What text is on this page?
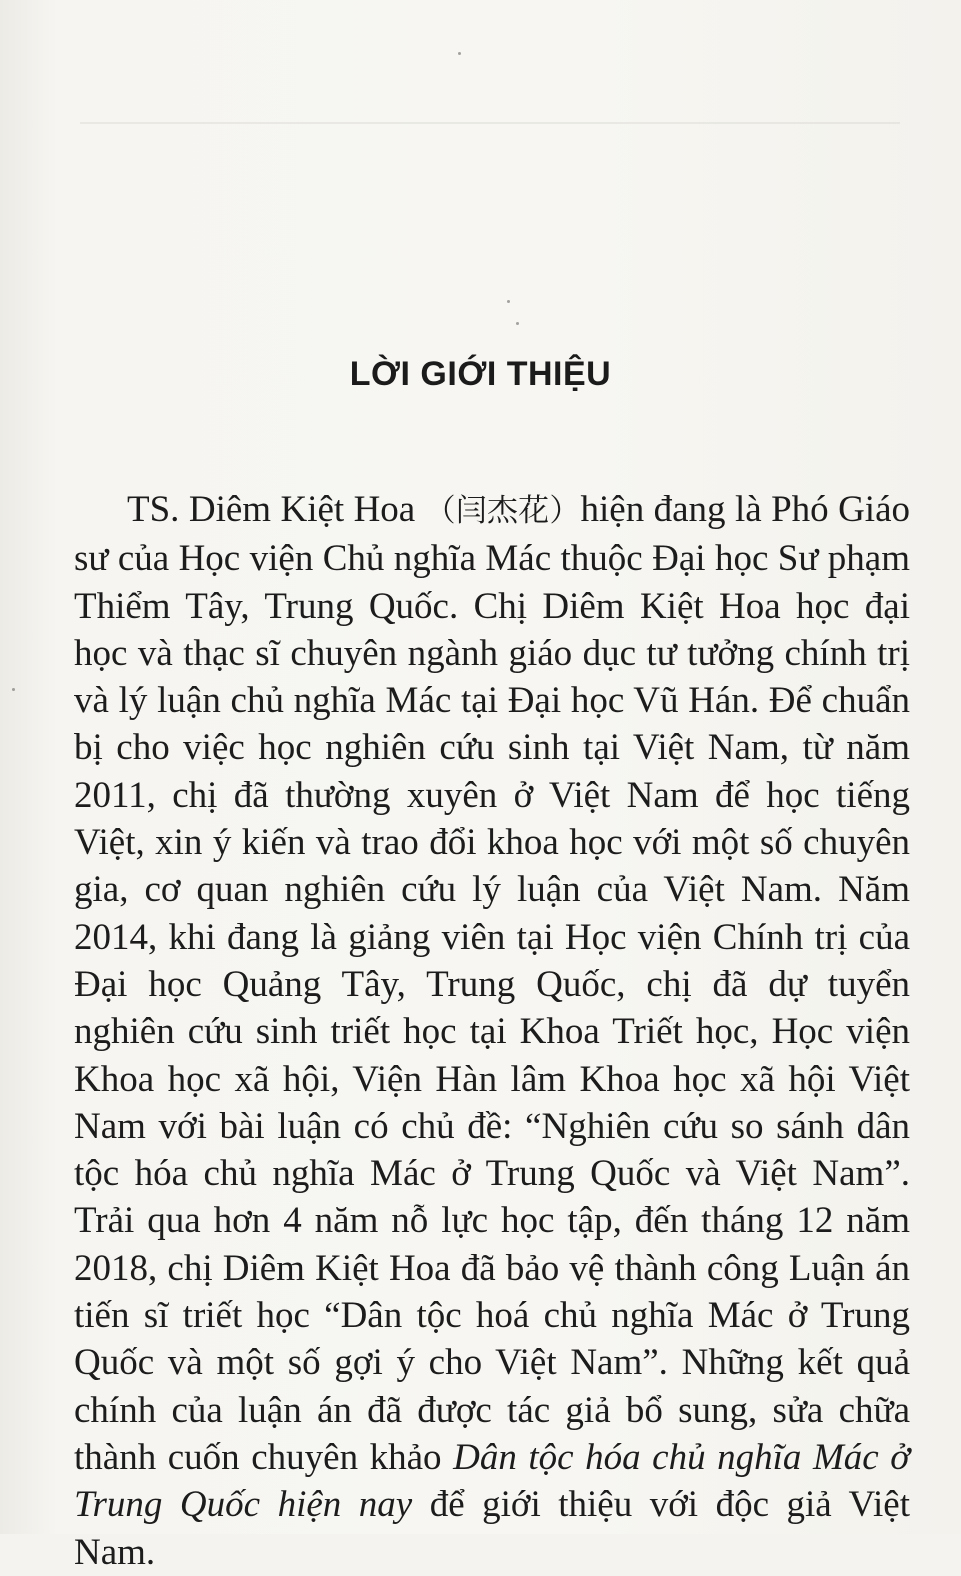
LỜI GIỚI THIỆU

TS. Diêm Kiệt Hoa （闫杰花）hiện đang là Phó Giáo sư của Học viện Chủ nghĩa Mác thuộc Đại học Sư phạm Thiểm Tây, Trung Quốc. Chị Diêm Kiệt Hoa học đại học và thạc sĩ chuyên ngành giáo dục tư tưởng chính trị và lý luận chủ nghĩa Mác tại Đại học Vũ Hán. Để chuẩn bị cho việc học nghiên cứu sinh tại Việt Nam, từ năm 2011, chị đã thường xuyên ở Việt Nam để học tiếng Việt, xin ý kiến và trao đổi khoa học với một số chuyên gia, cơ quan nghiên cứu lý luận của Việt Nam. Năm 2014, khi đang là giảng viên tại Học viện Chính trị của Đại học Quảng Tây, Trung Quốc, chị đã dự tuyển nghiên cứu sinh triết học tại Khoa Triết học, Học viện Khoa học xã hội, Viện Hàn lâm Khoa học xã hội Việt Nam với bài luận có chủ đề: “Nghiên cứu so sánh dân tộc hóa chủ nghĩa Mác ở Trung Quốc và Việt Nam”. Trải qua hơn 4 năm nỗ lực học tập, đến tháng 12 năm 2018, chị Diêm Kiệt Hoa đã bảo vệ thành công Luận án tiến sĩ triết học “Dân tộc hoá chủ nghĩa Mác ở Trung Quốc và một số gợi ý cho Việt Nam”. Những kết quả chính của luận án đã được tác giả bổ sung, sửa chữa thành cuốn chuyên khảo Dân tộc hóa chủ nghĩa Mác ở Trung Quốc hiện nay để giới thiệu với độc giả Việt Nam.
